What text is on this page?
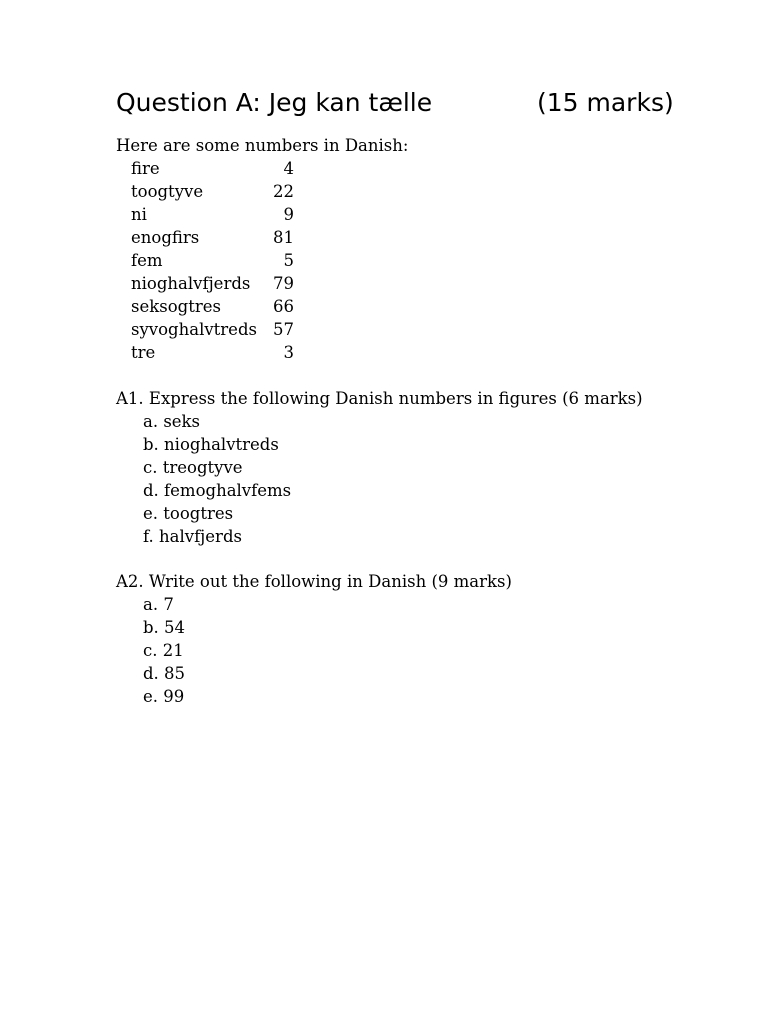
Question A: Jeg kan tælle	(15 marks)
Here are some numbers in Danish:
fire	4
toogtyve	22
ni	9
enogfirs	81
fem	5
nioghalvfjerds 79
seksogtres	66
syvoghalvtreds 57
tre	3
A1. Express the following Danish numbers in figures (6 marks)
a. seks
b. nioghalvtreds
c. treogtyve
d. femoghalvfems
e. toogtres
f. halvfjerds
A2. Write out the following in Danish (9 marks)
a. 7
b. 54
c. 21
d. 85
e. 99
